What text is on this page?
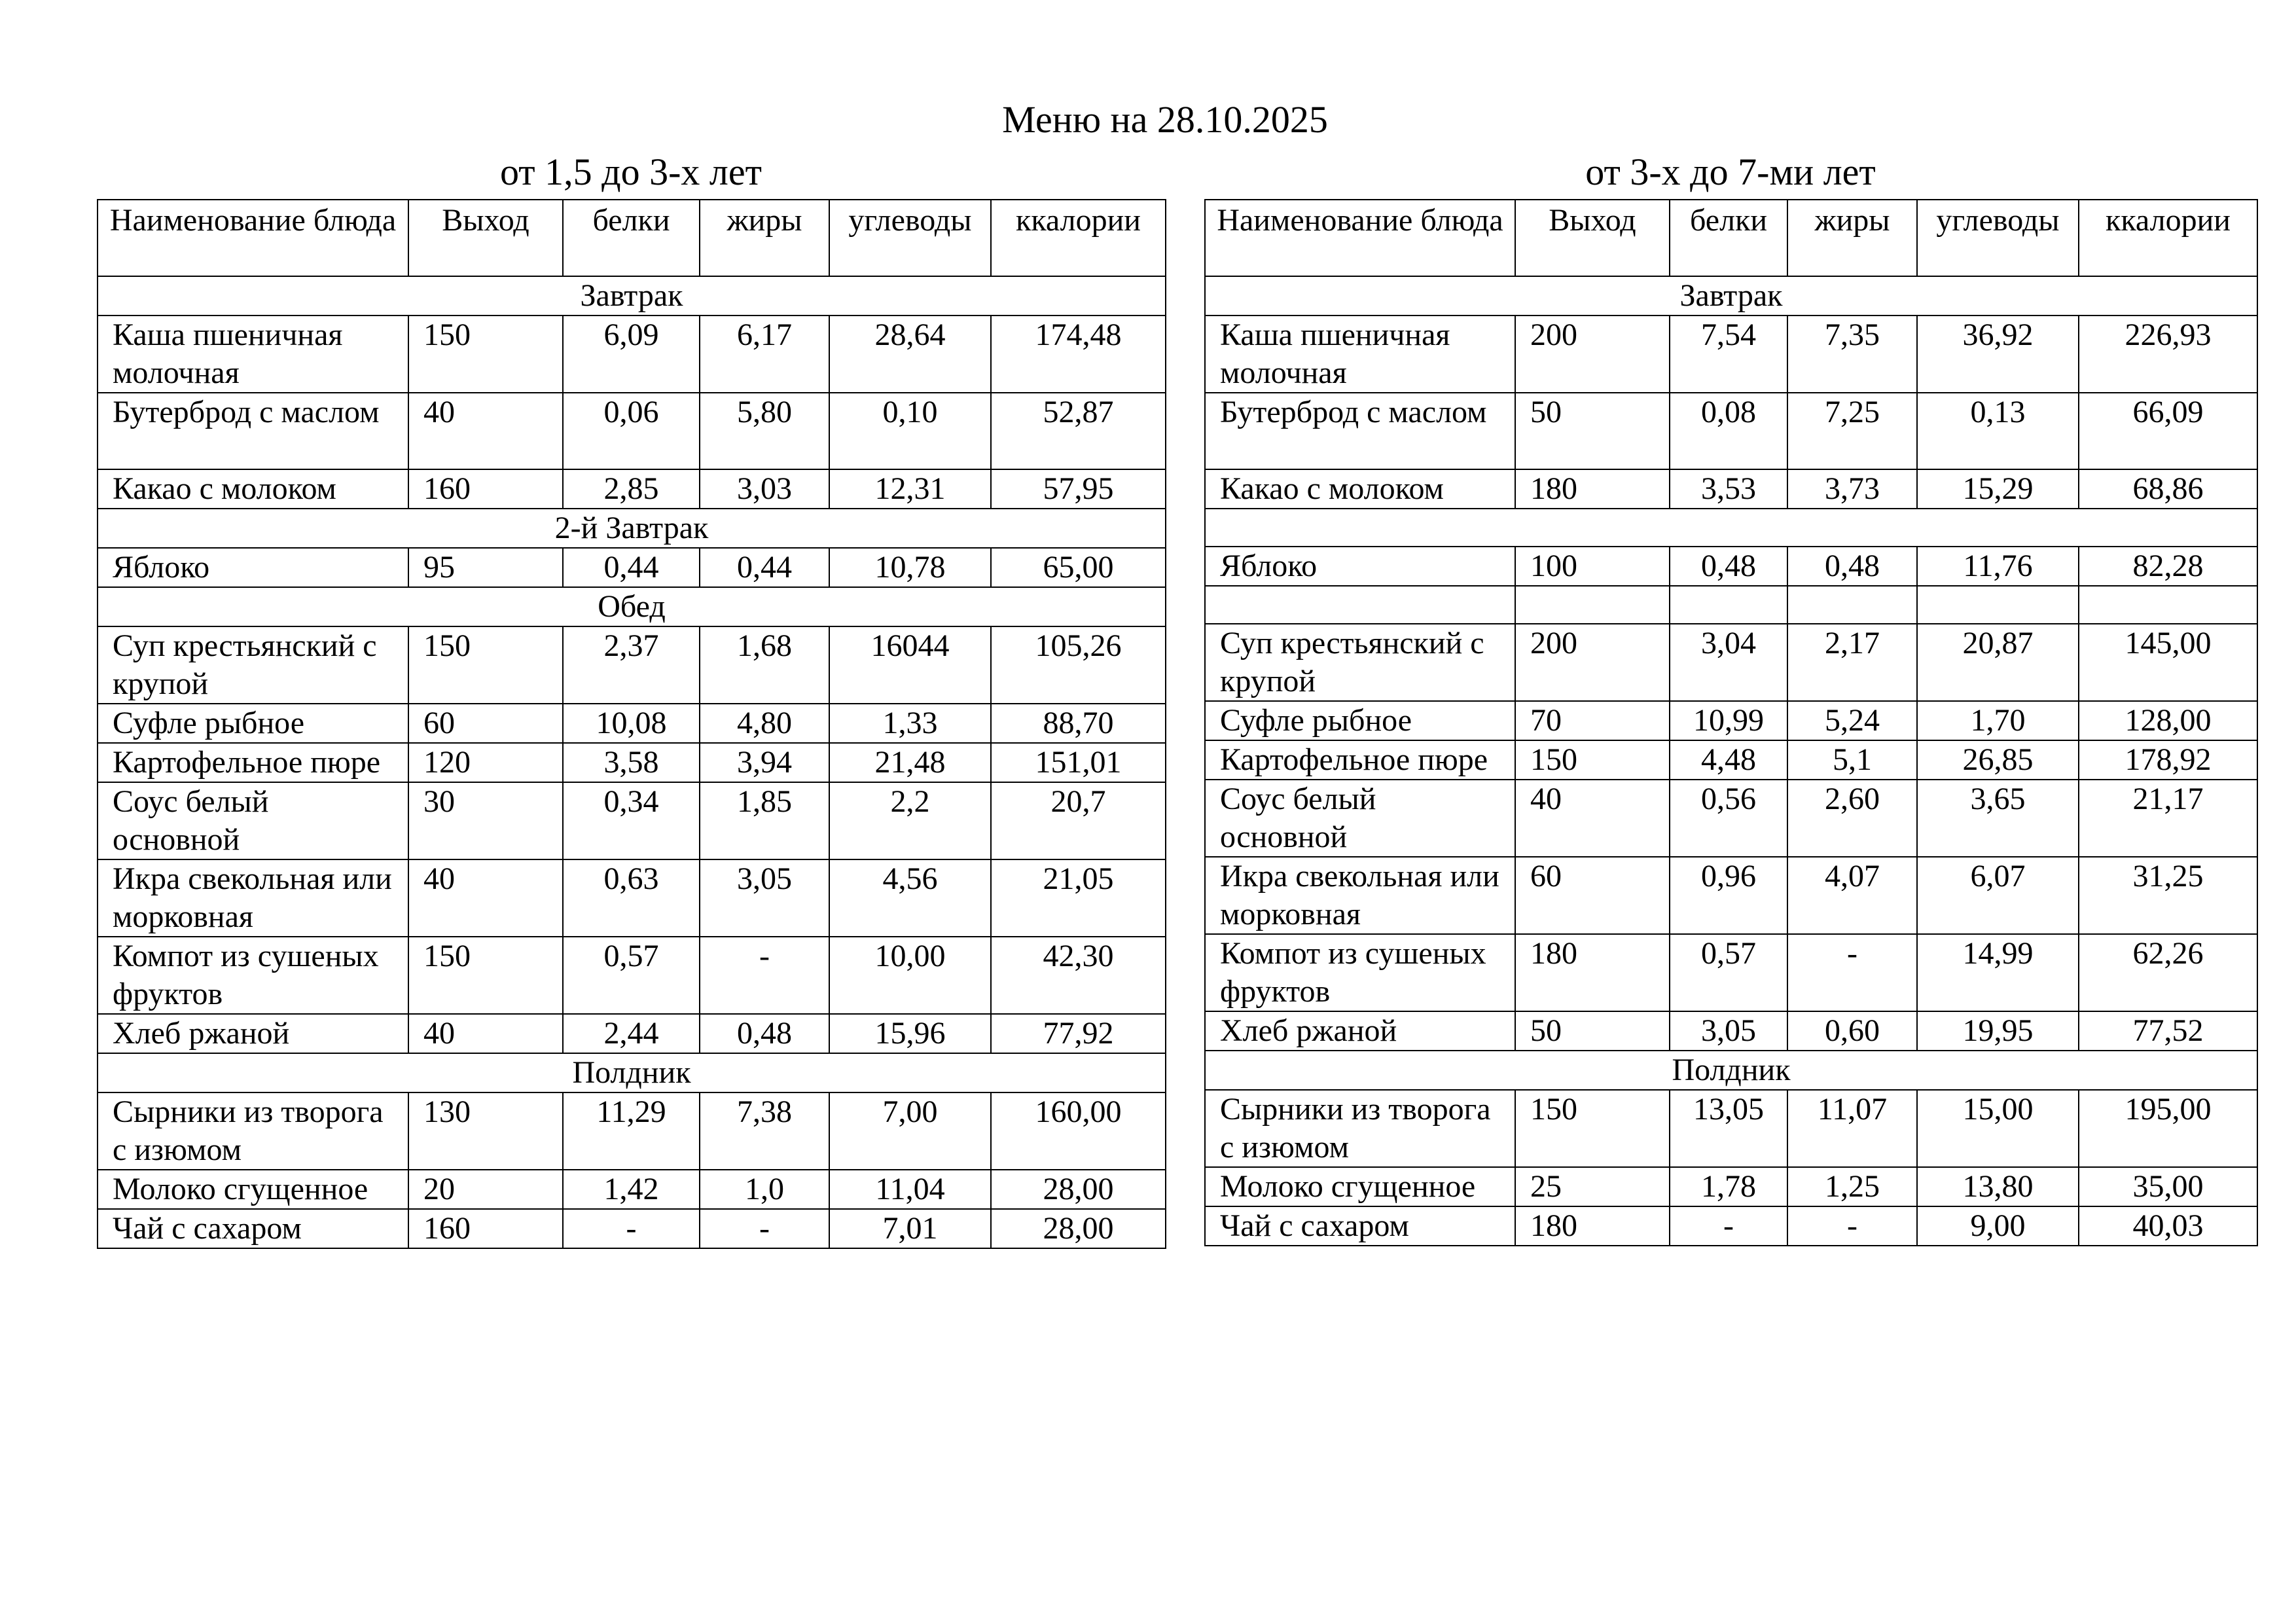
Меню на 28.10.2025
от 1,5 до 3-х лет	от 3-х до 7-ми лет
Наименование блюда	Выход	белки	жиры	углеводы	ккалории
Завтрак					
Каша пшеничная молочная	150	6,09	6,17	28,64	174,48
Бутерброд с маслом	40	0,06	5,80	0,10	52,87
Какао с молоком	160	2,85	3,03	12,31	57,95
2-й Завтрак					
Яблоко	95	0,44	0,44	10,78	65,00
Обед					
Суп крестьянский с крупой	150	2,37	1,68	16044	105,26
Суфле рыбное	60	10,08	4,80	1,33	88,70
Картофельное пюре	120	3,58	3,94	21,48	151,01
Соус белый основной	30	0,34	1,85	2,2	20,7
Икра свекольная или морковная	40	0,63	3,05	4,56	21,05
Компот из сушеных фруктов	150	0,57	-	10,00	42,30
Хлеб ржаной	40	2,44	0,48	15,96	77,92
Полдник					
Сырники из творога с изюмом	130	11,29	7,38	7,00	160,00
Молоко сгущенное	20	1,42	1,0	11,04	28,00
Чай с сахаром	160	-	-	7,01	28,00
Наименование блюда	Выход	белки	жиры	углеводы	ккалории
Завтрак					
Каша пшеничная молочная	200	7,54	7,35	36,92	226,93
Бутерброд с маслом	50	0,08	7,25	0,13	66,09
Какао с молоком	180	3,53	3,73	15,29	68,86

Яблоко	100	0,48	0,48	11,76	82,28

Суп крестьянский с крупой	200	3,04	2,17	20,87	145,00
Суфле рыбное	70	10,99	5,24	1,70	128,00
Картофельное пюре	150	4,48	5,1	26,85	178,92
Соус белый основной	40	0,56	2,60	3,65	21,17
Икра свекольная или морковная	60	0,96	4,07	6,07	31,25
Компот из сушеных фруктов	180	0,57	-	14,99	62,26
Хлеб ржаной	50	3,05	0,60	19,95	77,52
Полдник					
Сырники из творога с изюмом	150	13,05	11,07	15,00	195,00
Молоко сгущенное	25	1,78	1,25	13,80	35,00
Чай с сахаром	180	-	-	9,00	40,03
